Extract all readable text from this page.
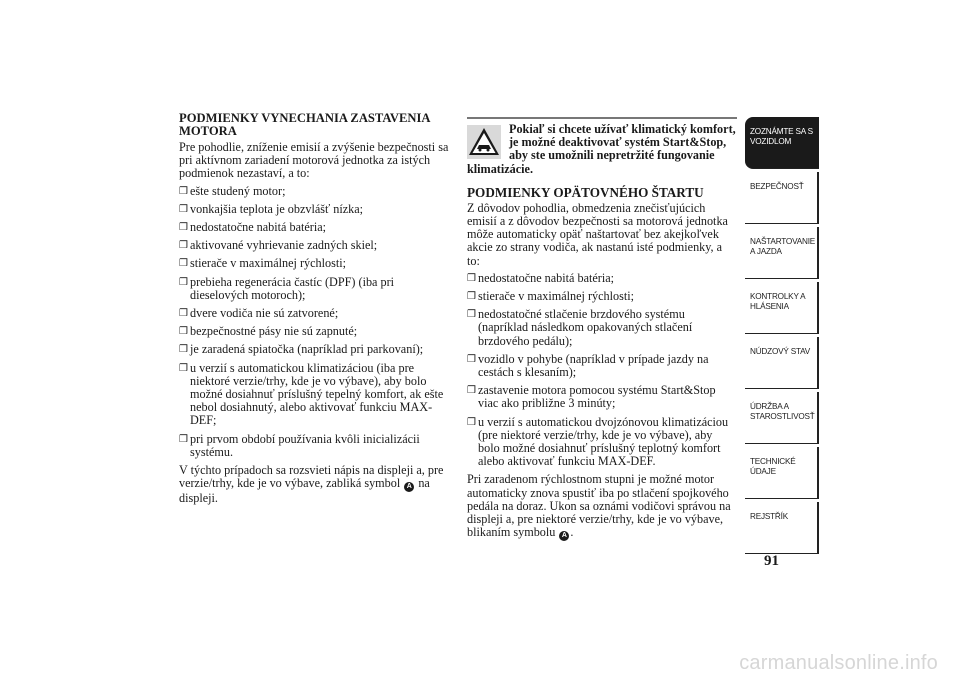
PODMIENKY VYNECHANIA ZASTAVENIA MOTORA

Pre pohodlie, zníženie emisií a zvýšenie bezpečnosti sa pri aktívnom zariadení motorová jednotka za istých podmienok nezastaví, a to:

❒ ešte studený motor;
❒ vonkajšia teplota je obzvlášť nízka;
❒ nedostatočne nabitá batéria;
❒ aktivované vyhrievanie zadných skiel;
❒ stierače v maximálnej rýchlosti;
❒ prebieha regenerácia častíc (DPF) (iba pri dieselových motoroch);
❒ dvere vodiča nie sú zatvorené;
❒ bezpečnostné pásy nie sú zapnuté;
❒ je zaradená spiatočka (napríklad pri parkovaní);
❒ u verzií s automatickou klimatizáciou (iba pre niektoré verzie/trhy, kde je vo výbave), aby bolo možné dosiahnuť príslušný tepelný komfort, ak ešte nebol dosiahnutý, alebo aktivovať funkciu MAX-DEF;
❒ pri prvom období používania kvôli inicializácii systému.

V týchto prípadoch sa rozsvieti nápis na displeji a, pre verzie/trhy, kde je vo výbave, zabliká symbol A na displeji.

Pokiaľ si chcete užívať klimatický komfort, je možné deaktivovať systém Start&Stop, aby ste umožnili nepretržité fungovanie

klimatizácie.

PODMIENKY OPÄTOVNÉHO ŠTARTU

Z dôvodov pohodlia, obmedzenia znečisťujúcich emisií a z dôvodov bezpečnosti sa motorová jednotka môže automaticky opäť naštartovať bez akejkoľvek akcie zo strany vodiča, ak nastanú isté podmienky, a to:

❒ nedostatočne nabitá batéria;
❒ stierače v maximálnej rýchlosti;
❒ nedostatočné stlačenie brzdového systému (napríklad následkom opakovaných stlačení brzdového pedálu);
❒ vozidlo v pohybe (napríklad v prípade jazdy na cestách s klesaním);
❒ zastavenie motora pomocou systému Start&Stop viac ako približne 3 minúty;
❒ u verzií s automatickou dvojzónovou klimatizáciou (pre niektoré verzie/trhy, kde je vo výbave), aby bolo možné dosiahnuť príslušný teplotný komfort alebo aktivovať funkciu MAX-DEF.

Pri zaradenom rýchlostnom stupni je možné motor automaticky znova spustiť iba po stlačení spojkového pedála na doraz. Ukon sa oznámi vodičovi správou na displeji a, pre niektoré verzie/trhy, kde je vo výbave, blikaním symbolu A .

ZOZNÁMTE SA S
VOZIDLOM
BEZPEČNOSŤ
NAŠTARTOVANIE
A JAZDA
KONTROLKY A
HLÁSENIA
NÚDZOVÝ STAV
ÚDRŽBA A
STAROSTLIVOSŤ
TECHNICKÉ
ÚDAJE
REJSTŘÍK
91
carmanualsonline.info
